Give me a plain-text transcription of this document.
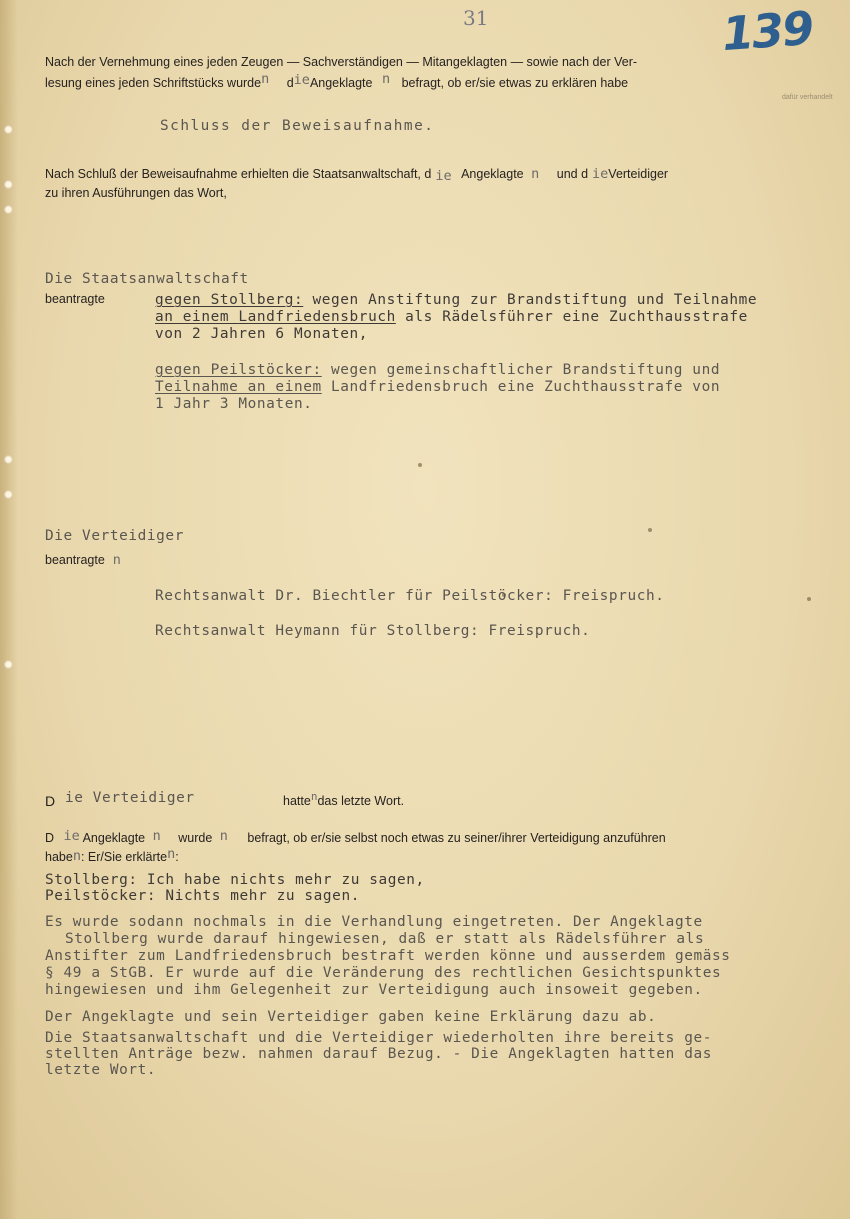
31	139
Nach der Vernehmung eines jeden Zeugen — Sachverständigen — Mitangeklagten — sowie nach der Ver-
lesung eines jeden Schriftstücks wurden dieAngeklagte n befragt, ob er/sie etwas zu erklären habe
dafür verhandelt
Schluss der Beweisaufnahme.
Nach Schluß der Beweisaufnahme erhielten die Staatsanwaltschaft, d ie Angeklagte n und d ieVerteidiger
zu ihren Ausführungen das Wort,
Die Staatsanwaltschaft
beantragte	gegen Stollberg: wegen Anstiftung zur Brandstiftung und Teilnahme
an einem Landfriedensbruch als Rädelsführer eine Zuchthausstrafe
von 2 Jahren 6 Monaten,
gegen Peilstöcker: wegen gemeinschaftlicher Brandstiftung und
Teilnahme an einem Landfriedensbruch eine Zuchthausstrafe von
1 Jahr 3 Monaten.
Die Verteidiger
beantragte n
Rechtsanwalt Dr. Biechtler für Peilstöcker: Freispruch.
Rechtsanwalt Heymann für Stollberg: Freispruch.
D ie Verteidiger	hattendas letzte Wort.
D ie Angeklagte n wurde n befragt, ob er/sie selbst noch etwas zu seiner/ihrer Verteidigung anzuführen
haben: Er/Sie erklärten:
Stollberg: Ich habe nichts mehr zu sagen,
Peilstöcker: Nichts mehr zu sagen.
Es wurde sodann nochmals in die Verhandlung eingetreten. Der Angeklagte
Stollberg wurde darauf hingewiesen, daß er statt als Rädelsführer als
Anstifter zum Landfriedensbruch bestraft werden könne und ausserdem gemäss
§ 49 a StGB. Er wurde auf die Veränderung des rechtlichen Gesichtspunktes
hingewiesen und ihm Gelegenheit zur Verteidigung auch insoweit gegeben.
Der Angeklagte und sein Verteidiger gaben keine Erklärung dazu ab.
Die Staatsanwaltschaft und die Verteidiger wiederholten ihre bereits ge-
stellten Anträge bezw. nahmen darauf Bezug. - Die Angeklagten hatten das
letzte Wort.
